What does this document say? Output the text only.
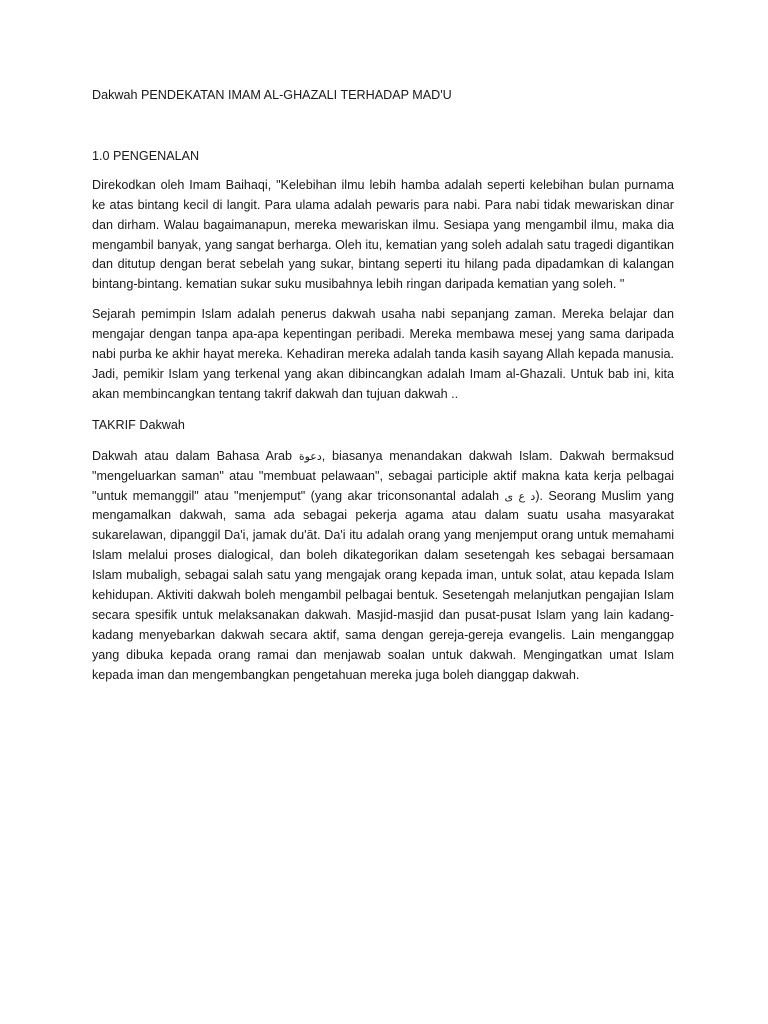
Dakwah PENDEKATAN IMAM AL-GHAZALI TERHADAP MAD'U

1.0 PENGENALAN

Direkodkan oleh Imam Baihaqi, "Kelebihan ilmu lebih hamba adalah seperti kelebihan bulan purnama ke atas bintang kecil di langit. Para ulama adalah pewaris para nabi. Para nabi tidak mewariskan dinar dan dirham. Walau bagaimanapun, mereka mewariskan ilmu. Sesiapa yang mengambil ilmu, maka dia mengambil banyak, yang sangat berharga. Oleh itu, kematian yang soleh adalah satu tragedi digantikan dan ditutup dengan berat sebelah yang sukar, bintang seperti itu hilang pada dipadamkan di kalangan bintang-bintang. kematian sukar suku musibahnya lebih ringan daripada kematian yang soleh. "

Sejarah pemimpin Islam adalah penerus dakwah usaha nabi sepanjang zaman. Mereka belajar dan mengajar dengan tanpa apa-apa kepentingan peribadi. Mereka membawa mesej yang sama daripada nabi purba ke akhir hayat mereka. Kehadiran mereka adalah tanda kasih sayang Allah kepada manusia. Jadi, pemikir Islam yang terkenal yang akan dibincangkan adalah Imam al-Ghazali. Untuk bab ini, kita akan membincangkan tentang takrif dakwah dan tujuan dakwah ..

TAKRIF Dakwah

Dakwah atau dalam Bahasa Arab دعوة, biasanya menandakan dakwah Islam. Dakwah bermaksud "mengeluarkan saman" atau "membuat pelawaan", sebagai participle aktif makna kata kerja pelbagai "untuk memanggil" atau "menjemput" (yang akar triconsonantal adalah د ع ى). Seorang Muslim yang mengamalkan dakwah, sama ada sebagai pekerja agama atau dalam suatu usaha masyarakat sukarelawan, dipanggil Da'i, jamak du'āt. Da'i itu adalah orang yang menjemput orang untuk memahami Islam melalui proses dialogical, dan boleh dikategorikan dalam sesetengah kes sebagai bersamaan Islam mubaligh, sebagai salah satu yang mengajak orang kepada iman, untuk solat, atau kepada Islam kehidupan. Aktiviti dakwah boleh mengambil pelbagai bentuk. Sesetengah melanjutkan pengajian Islam secara spesifik untuk melaksanakan dakwah. Masjid-masjid dan pusat-pusat Islam yang lain kadang-kadang menyebarkan dakwah secara aktif, sama dengan gereja-gereja evangelis. Lain menganggap yang dibuka kepada orang ramai dan menjawab soalan untuk dakwah. Mengingatkan umat Islam kepada iman dan mengembangkan pengetahuan mereka juga boleh dianggap dakwah.
